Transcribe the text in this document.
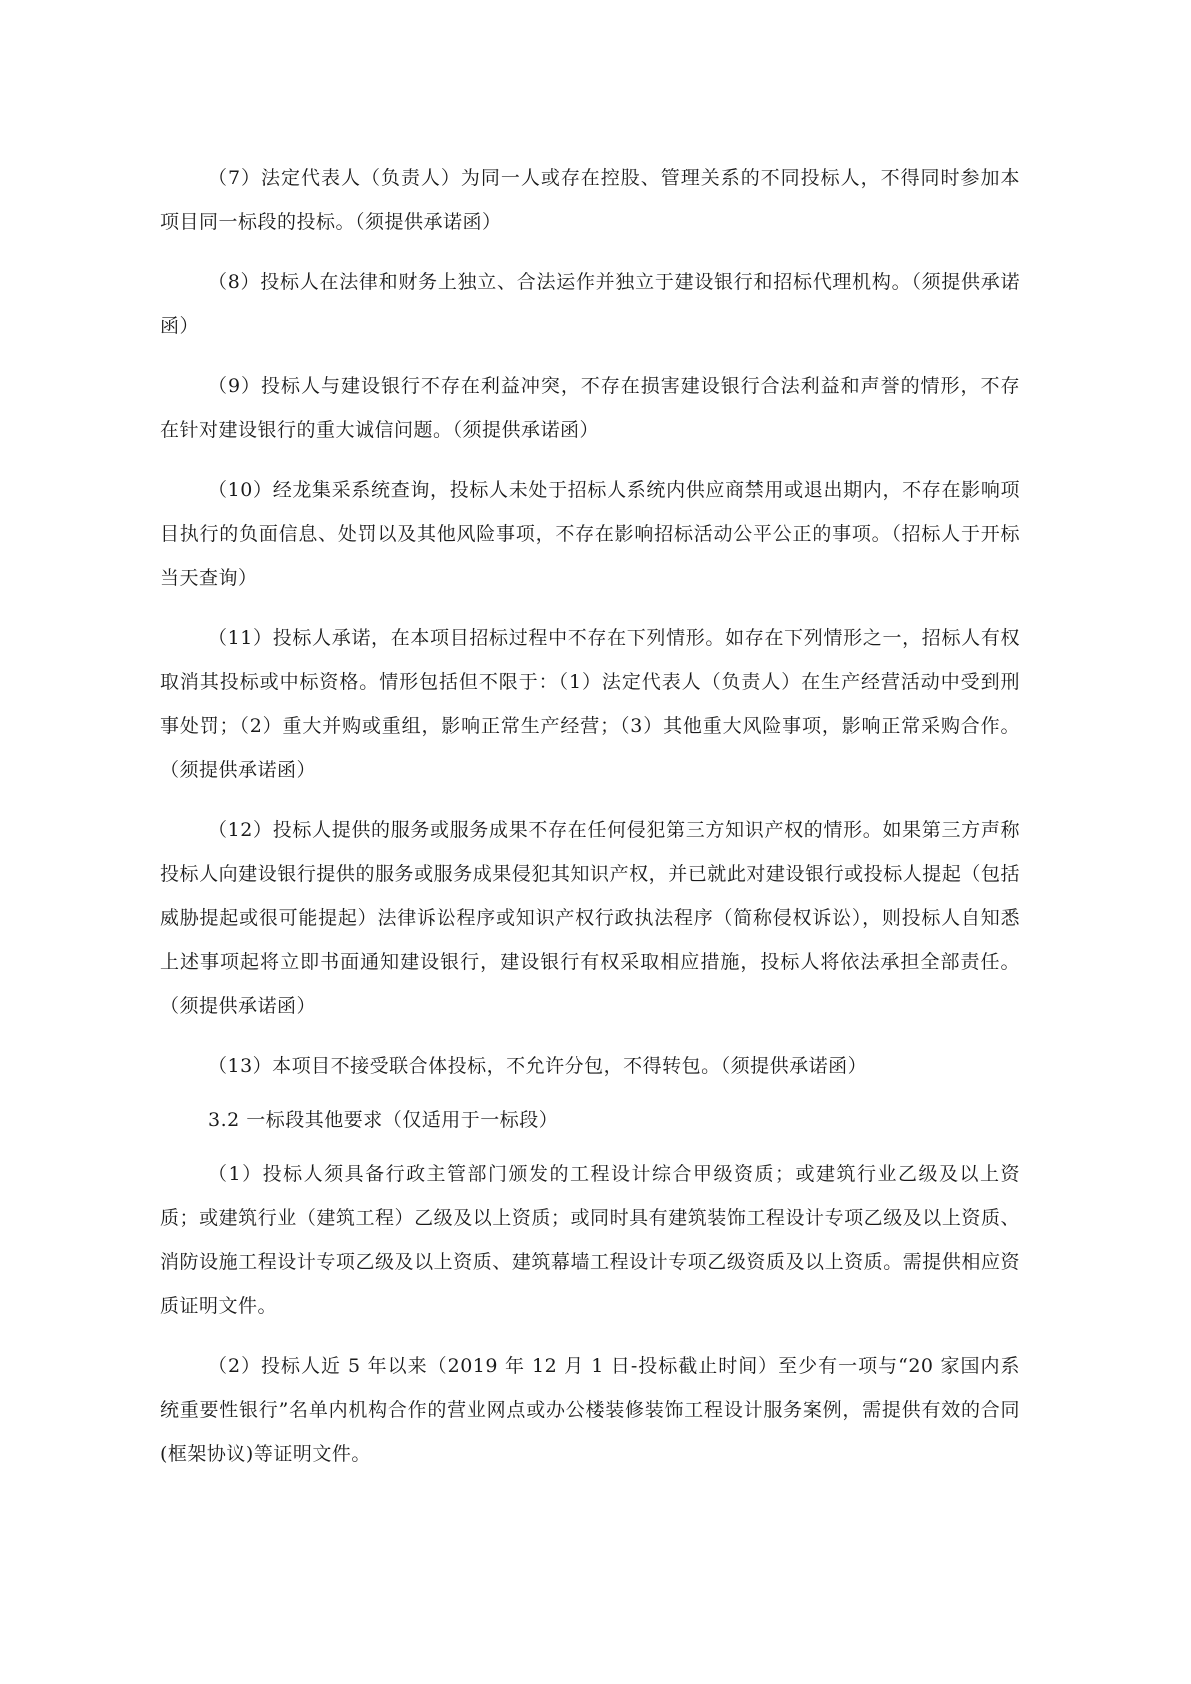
（7）法定代表人（负责人）为同一人或存在控股、管理关系的不同投标人，不得同时参加本项目同一标段的投标。（须提供承诺函）

（8）投标人在法律和财务上独立、合法运作并独立于建设银行和招标代理机构。（须提供承诺函）

（9）投标人与建设银行不存在利益冲突，不存在损害建设银行合法利益和声誉的情形，不存在针对建设银行的重大诚信问题。（须提供承诺函）

（10）经龙集采系统查询，投标人未处于招标人系统内供应商禁用或退出期内，不存在影响项目执行的负面信息、处罚以及其他风险事项，不存在影响招标活动公平公正的事项。（招标人于开标当天查询）

（11）投标人承诺，在本项目招标过程中不存在下列情形。如存在下列情形之一，招标人有权取消其投标或中标资格。情形包括但不限于：（1）法定代表人（负责人）在生产经营活动中受到刑事处罚；（2）重大并购或重组，影响正常生产经营；（3）其他重大风险事项，影响正常采购合作。（须提供承诺函）

（12）投标人提供的服务或服务成果不存在任何侵犯第三方知识产权的情形。如果第三方声称投标人向建设银行提供的服务或服务成果侵犯其知识产权，并已就此对建设银行或投标人提起（包括威胁提起或很可能提起）法律诉讼程序或知识产权行政执法程序（简称侵权诉讼），则投标人自知悉上述事项起将立即书面通知建设银行，建设银行有权采取相应措施，投标人将依法承担全部责任。（须提供承诺函）

（13）本项目不接受联合体投标，不允许分包，不得转包。（须提供承诺函）

3.2 一标段其他要求（仅适用于一标段）

（1）投标人须具备行政主管部门颁发的工程设计综合甲级资质；或建筑行业乙级及以上资质；或建筑行业（建筑工程）乙级及以上资质；或同时具有建筑装饰工程设计专项乙级及以上资质、消防设施工程设计专项乙级及以上资质、建筑幕墙工程设计专项乙级资质及以上资质。需提供相应资质证明文件。

（2）投标人近 5 年以来（2019 年 12 月 1 日-投标截止时间）至少有一项与“20 家国内系统重要性银行”名单内机构合作的营业网点或办公楼装修装饰工程设计服务案例，需提供有效的合同(框架协议)等证明文件。
